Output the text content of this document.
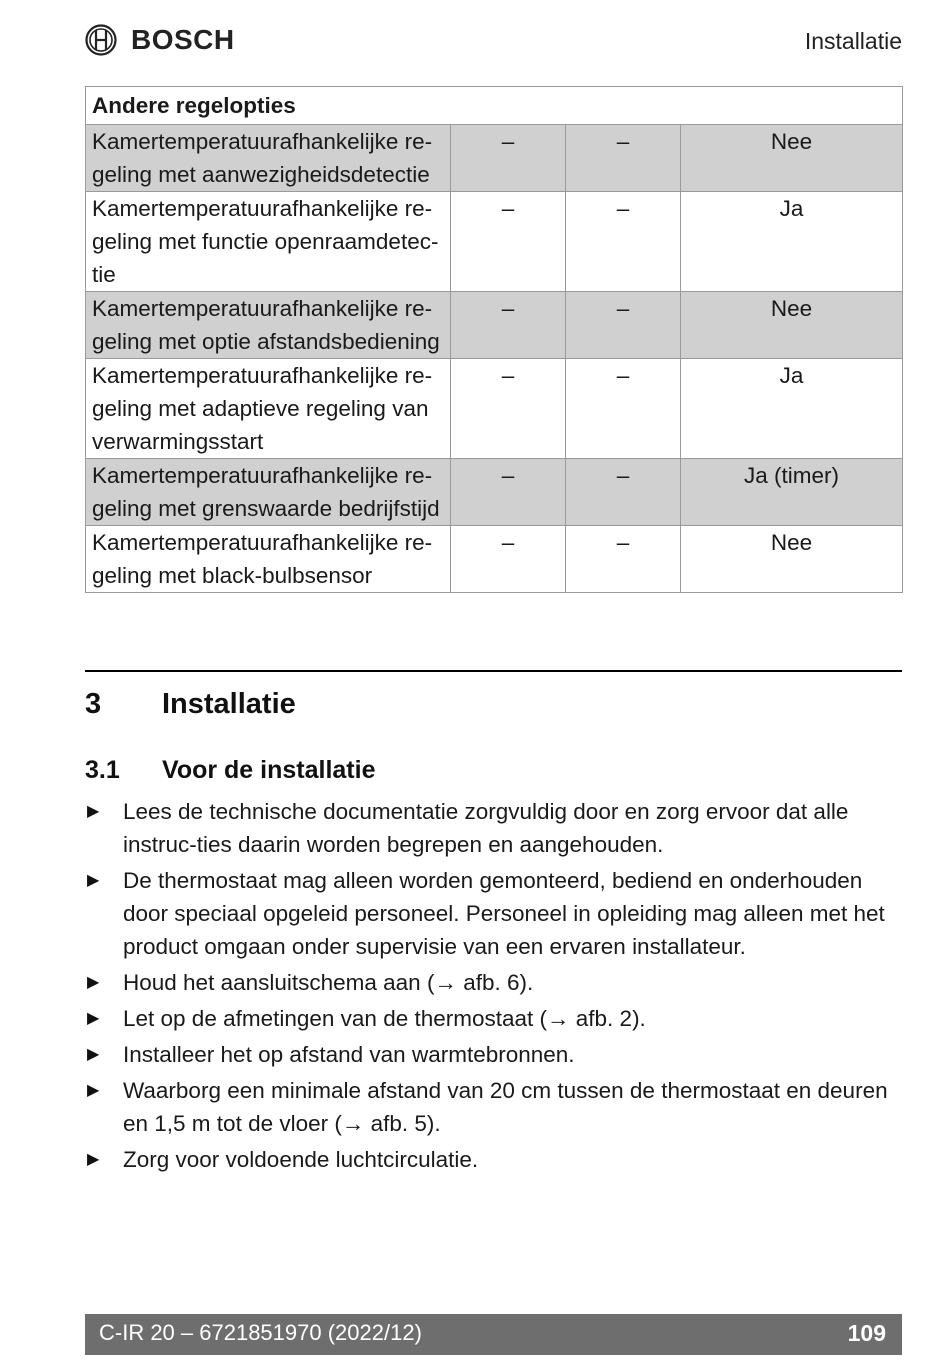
BOSCH	Installatie
Andere regelopties			

Kamertemperatuurafhankelijke re-
geling met aanwezigheidsdetectie	–	–	Nee

Kamertemperatuurafhankelijke re-
geling met functie openraamdetec-
tie	–	–	Ja

Kamertemperatuurafhankelijke re-
geling met optie afstandsbediening	–	–	Nee

Kamertemperatuurafhankelijke re-
geling met adaptieve regeling van
verwarmingsstart	–	–	Ja

Kamertemperatuurafhankelijke re-
geling met grenswaarde bedrijfstijd	–	–	Ja (timer)

Kamertemperatuurafhankelijke re-
geling met black-bulbsensor	–	–	Nee
3 Installatie
3.1 Voor de installatie
▶ Lees de technische documentatie zorgvuldig door en zorg ervoor dat alle instruc-ties daarin worden begrepen en aangehouden.
▶ De thermostaat mag alleen worden gemonteerd, bediend en onderhouden door speciaal opgeleid personeel. Personeel in opleiding mag alleen met het product omgaan onder supervisie van een ervaren installateur.
▶ Houd het aansluitschema aan (→ afb. 6).
▶ Let op de afmetingen van de thermostaat (→ afb. 2).
▶ Installeer het op afstand van warmtebronnen.
▶ Waarborg een minimale afstand van 20 cm tussen de thermostaat en deuren en 1,5 m tot de vloer (→ afb. 5).
▶ Zorg voor voldoende luchtcirculatie.
C-IR 20 – 6721851970 (2022/12)	109
